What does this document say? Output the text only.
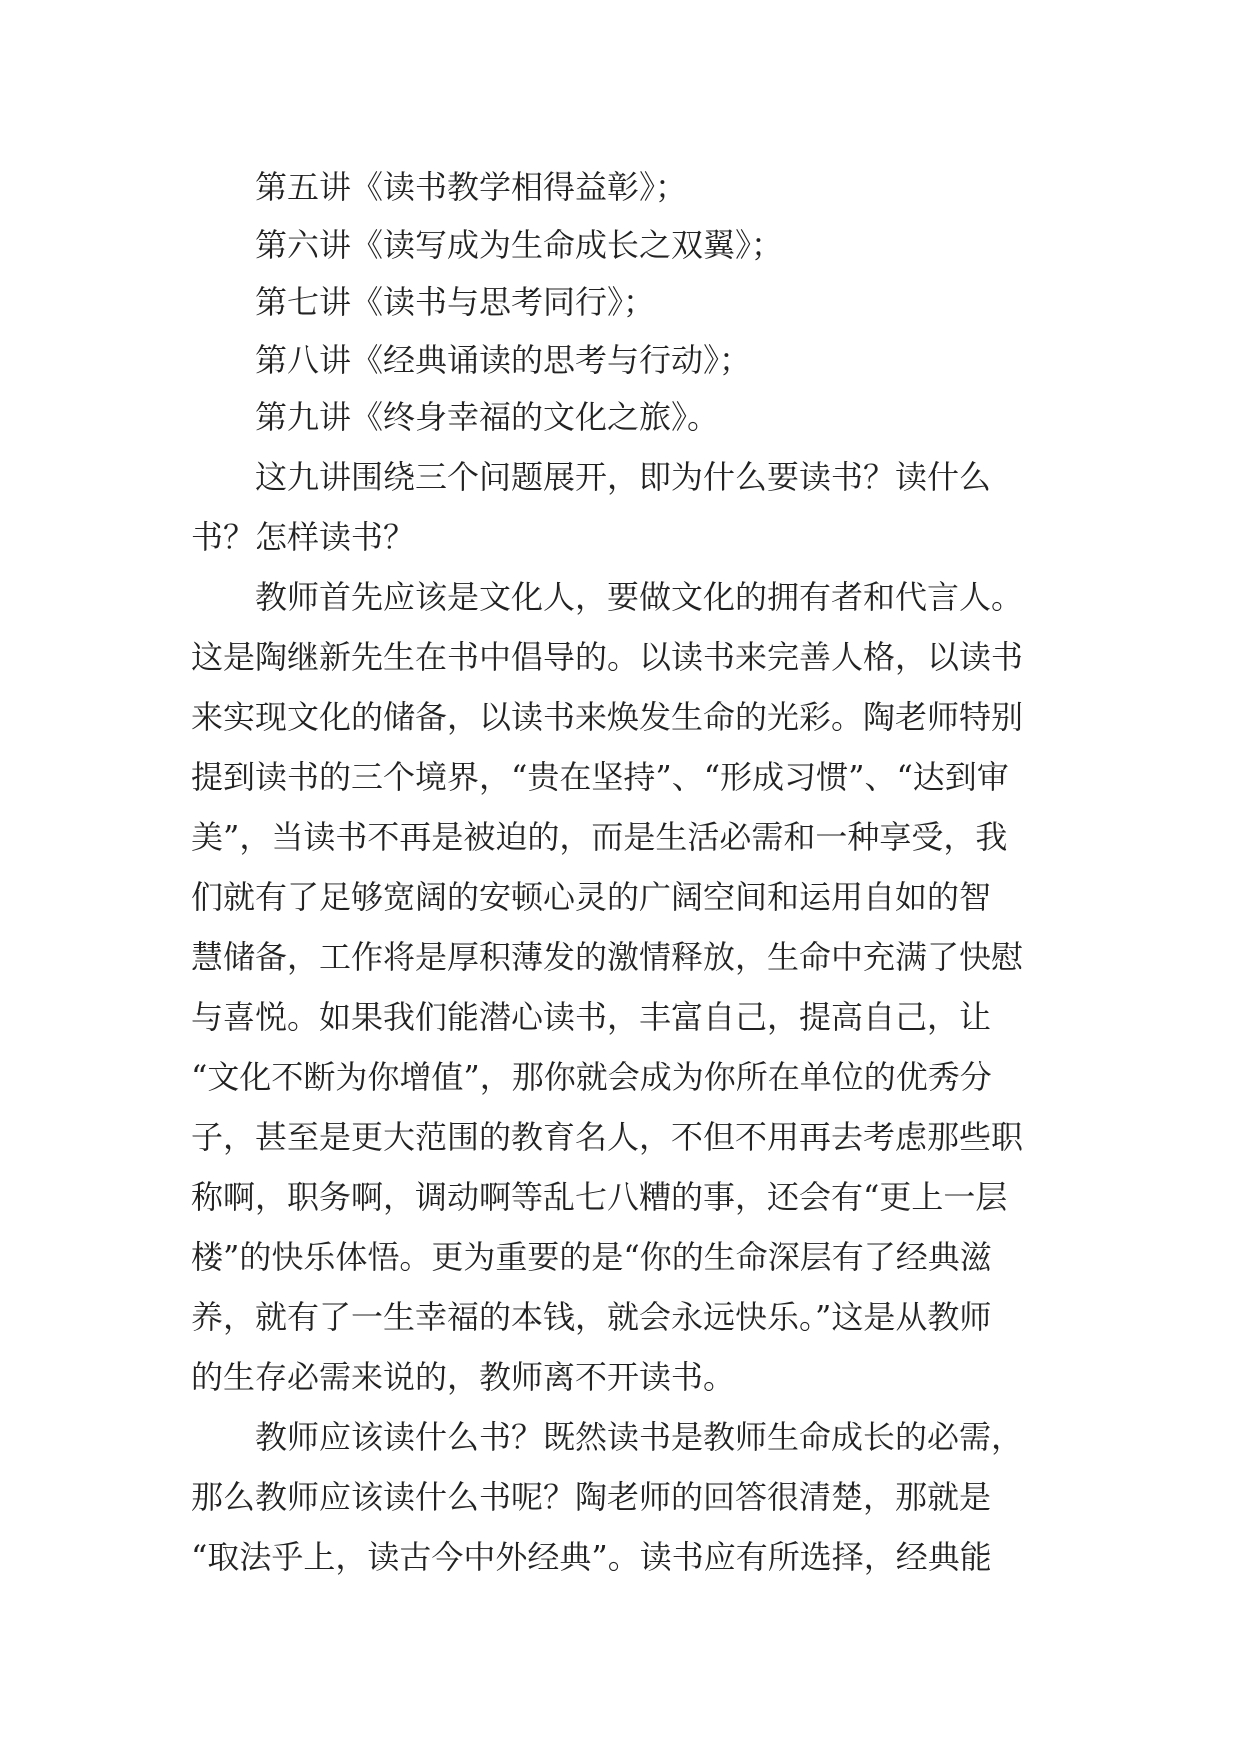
第五讲《读书教学相得益彰》；
第六讲《读写成为生命成长之双翼》；
第七讲《读书与思考同行》；
第八讲《经典诵读的思考与行动》；
第九讲《终身幸福的文化之旅》。
这九讲围绕三个问题展开，即为什么要读书？读什么
书？怎样读书？
教师首先应该是文化人，要做文化的拥有者和代言人。
这是陶继新先生在书中倡导的。以读书来完善人格，以读书
来实现文化的储备，以读书来焕发生命的光彩。陶老师特别
提到读书的三个境界，“贵在坚持”、“形成习惯”、“达到审
美”，当读书不再是被迫的，而是生活必需和一种享受，我
们就有了足够宽阔的安顿心灵的广阔空间和运用自如的智
慧储备，工作将是厚积薄发的激情释放，生命中充满了快慰
与喜悦。如果我们能潜心读书，丰富自己，提高自己，让
“文化不断为你增值”，那你就会成为你所在单位的优秀分
子，甚至是更大范围的教育名人，不但不用再去考虑那些职
称啊，职务啊，调动啊等乱七八糟的事，还会有“更上一层
楼”的快乐体悟。更为重要的是“你的生命深层有了经典滋
养，就有了一生幸福的本钱，就会永远快乐。”这是从教师
的生存必需来说的，教师离不开读书。
教师应该读什么书？既然读书是教师生命成长的必需，
那么教师应该读什么书呢？陶老师的回答很清楚，那就是
“取法乎上，读古今中外经典”。读书应有所选择，经典能
